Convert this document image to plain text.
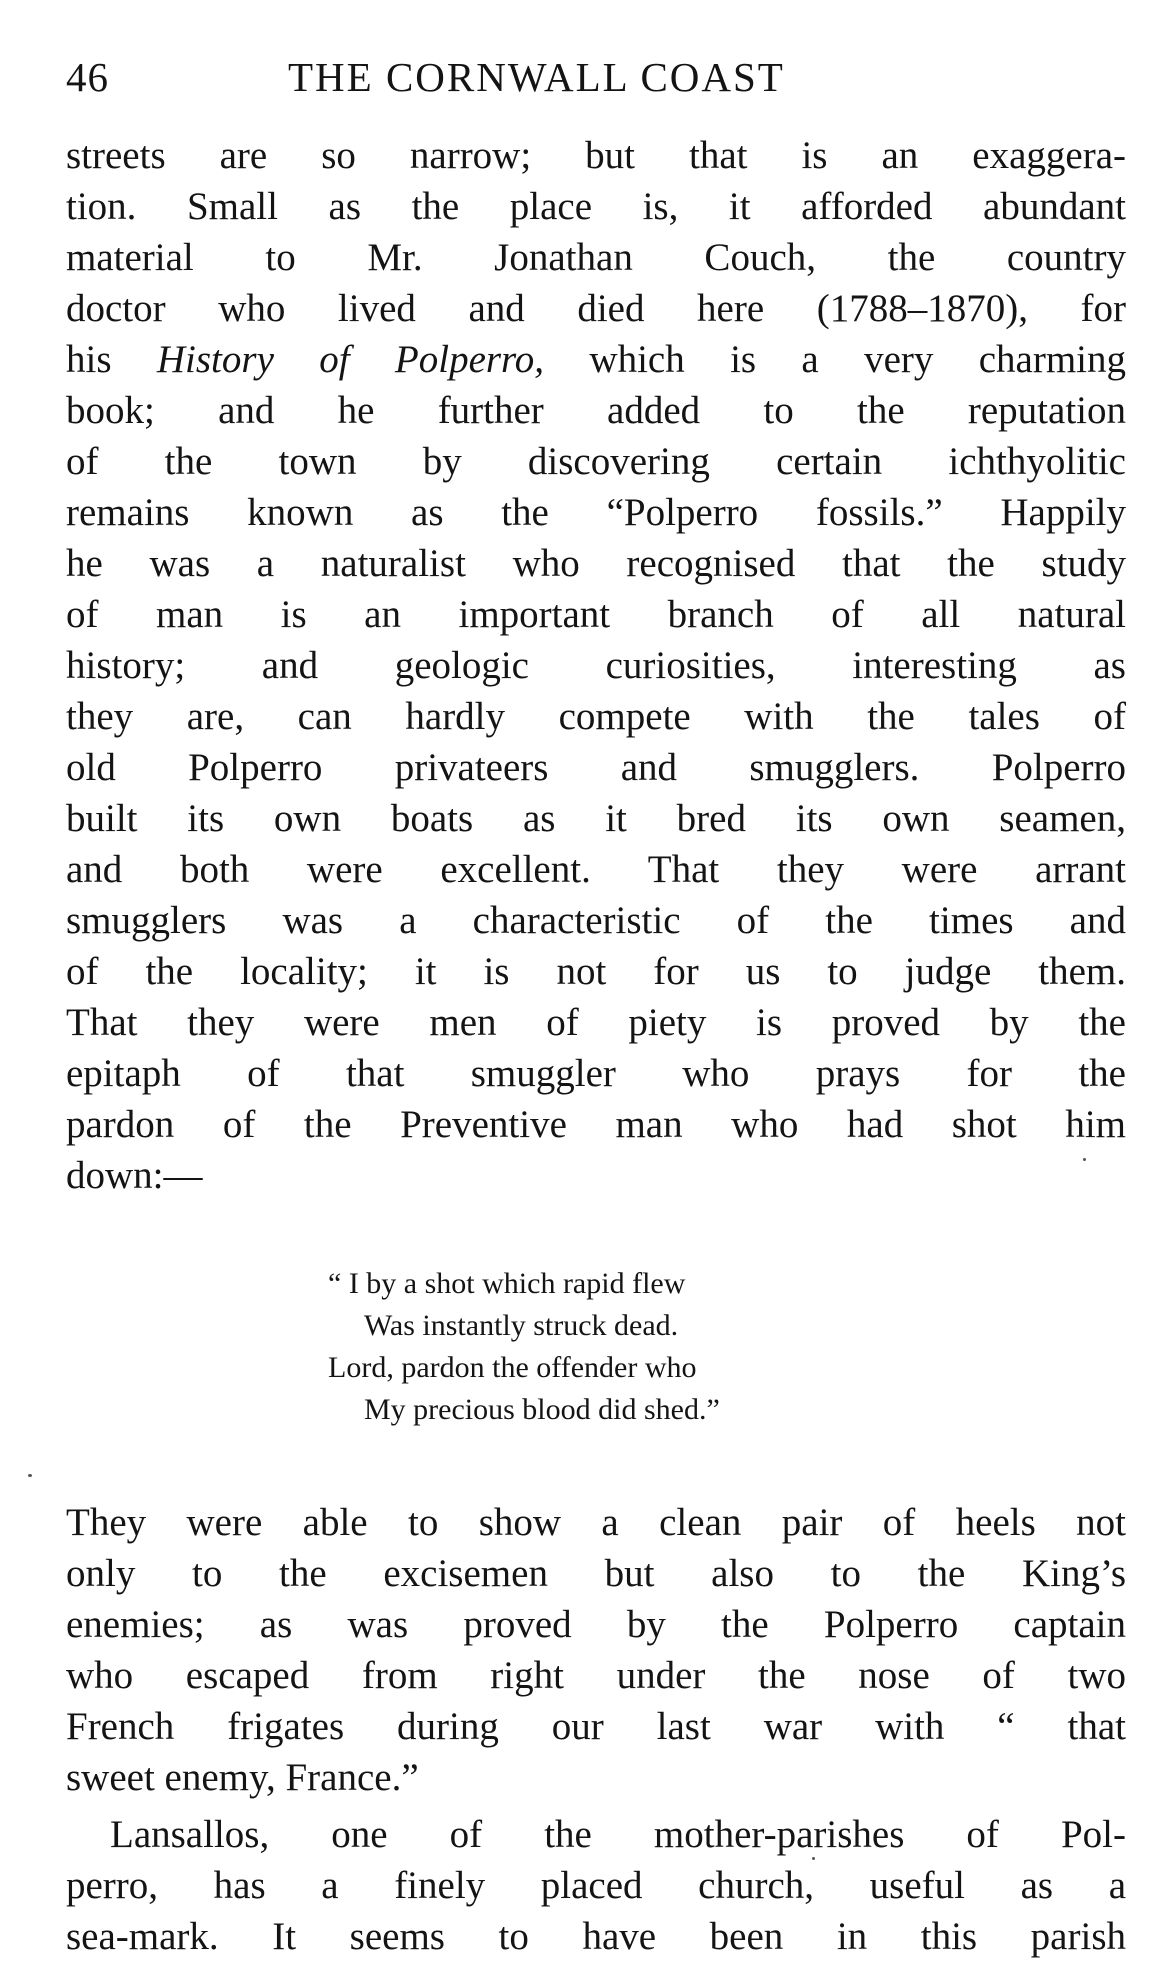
46	THE CORNWALL COAST

streets are so narrow; but that is an exaggera-
tion. Small as the place is, it afforded abundant
material to Mr. Jonathan Couch, the country
doctor who lived and died here (1788–1870), for
his History of Polperro, which is a very charming
book; and he further added to the reputation
of the town by discovering certain ichthyolitic
remains known as the “Polperro fossils.” Happily
he was a naturalist who recognised that the study
of man is an important branch of all natural
history; and geologic curiosities, interesting as
they are, can hardly compete with the tales of
old Polperro privateers and smugglers. Polperro
built its own boats as it bred its own seamen,
and both were excellent. That they were arrant
smugglers was a characteristic of the times and
of the locality; it is not for us to judge them.
That they were men of piety is proved by the
epitaph of that smuggler who prays for the
pardon of the Preventive man who had shot him
down:—

“ I by a shot which rapid flew
Was instantly struck dead.
Lord, pardon the offender who
My precious blood did shed.”

They were able to show a clean pair of heels not
only to the excisemen but also to the King’s
enemies; as was proved by the Polperro captain
who escaped from right under the nose of two
French frigates during our last war with “ that
sweet enemy, France.”

Lansallos, one of the mother-parishes of Pol-
perro, has a finely placed church, useful as a
sea-mark. It seems to have been in this parish
